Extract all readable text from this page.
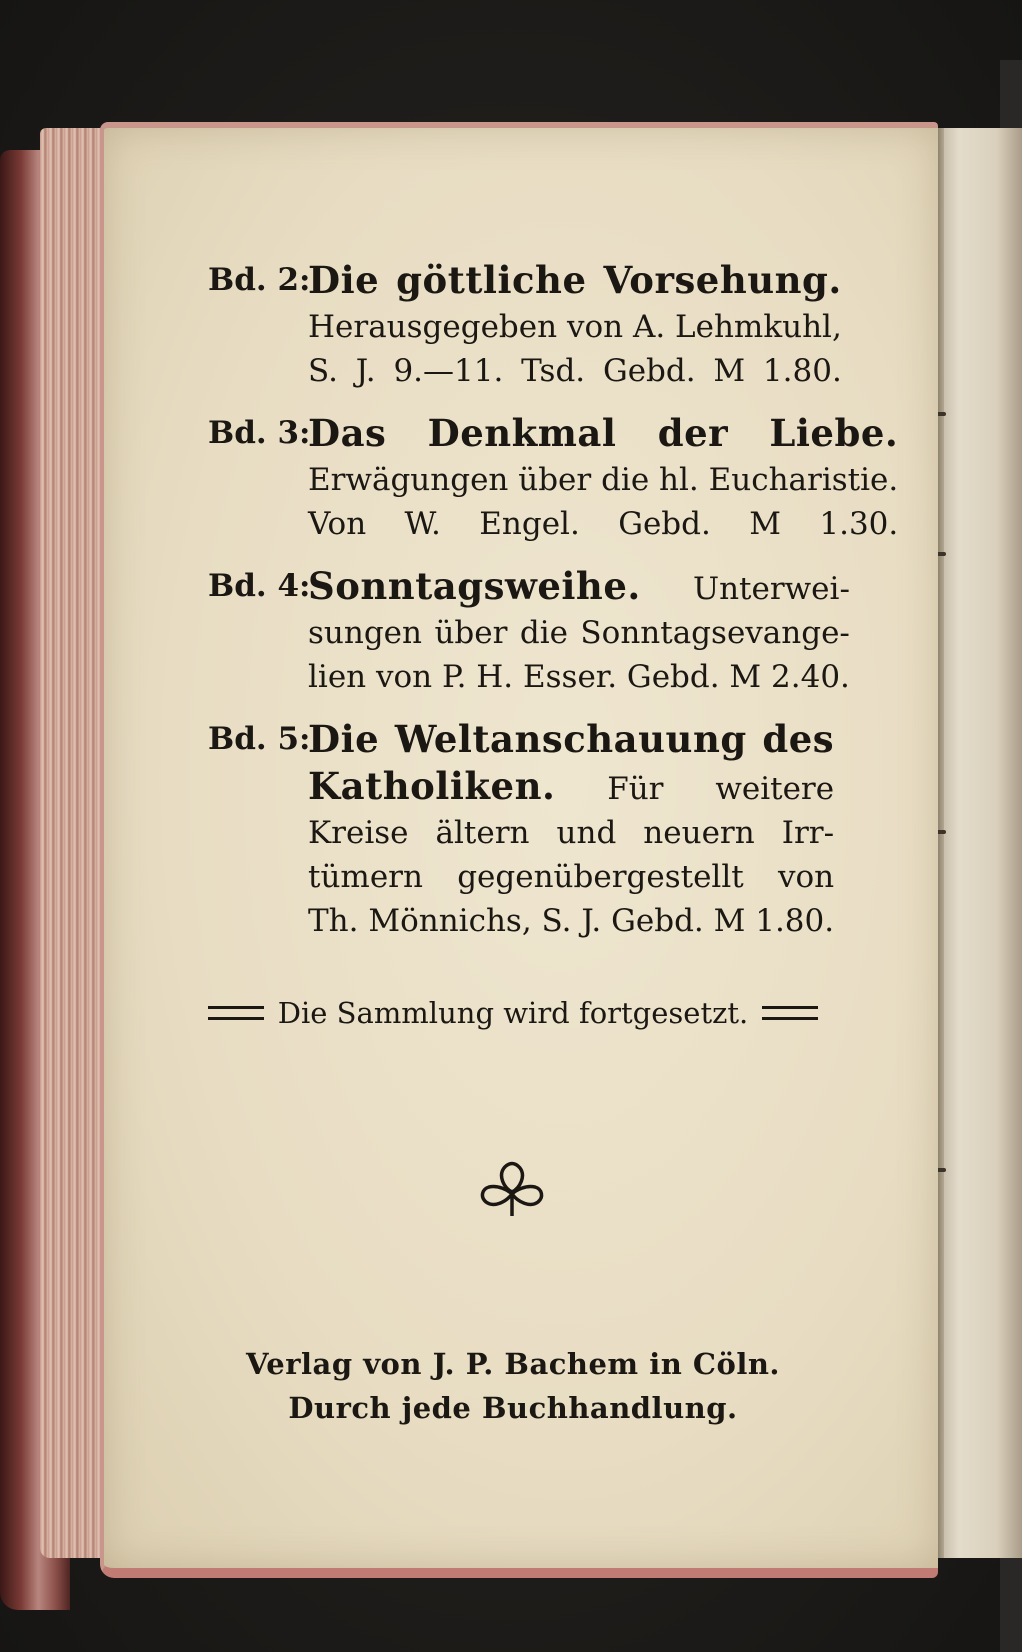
Bd. 2:
Die göttliche Vorsehung.
Herausgegeben von A. Lehmkuhl,
S. J. 9.—11. Tsd. Gebd. M 1.80.
Bd. 3:
Das Denkmal der Liebe.
Erwägungen über die hl. Eucharistie.
Von W. Engel. Gebd. M 1.30.
Bd. 4:
Sonntagsweihe. Unterwei-
sungen über die Sonntagsevange-
lien von P. H. Esser. Gebd. M 2.40.
Bd. 5:
Die Weltanschauung des
Katholiken. Für weitere
Kreise ältern und neuern Irr-
tümern gegenübergestellt von
Th. Mönnichs, S. J. Gebd. M 1.80.
Die Sammlung wird fortgesetzt.
Verlag von J. P. Bachem in Cöln.
Durch jede Buchhandlung.
